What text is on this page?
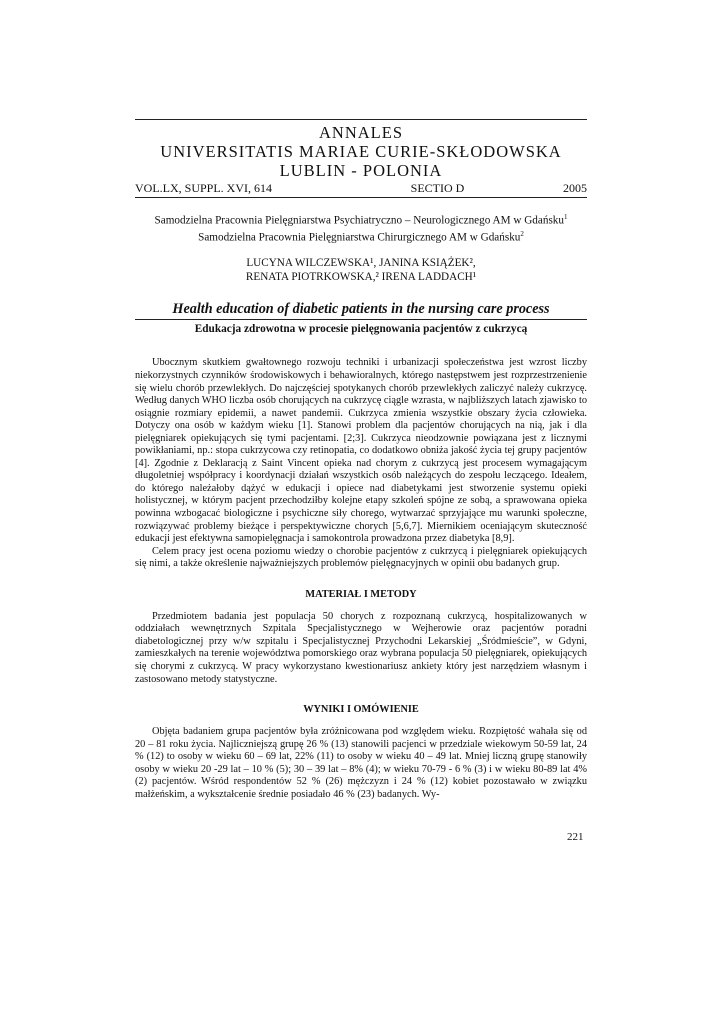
ANNALES
UNIVERSITATIS MARIAE CURIE-SKŁODOWSKA
LUBLIN - POLONIA
VOL.LX, SUPPL. XVI, 614	SECTIO D	2005
Samodzielna Pracownia Pielęgniarstwa Psychiatryczno – Neurologicznego AM w Gdańsku$^1$
Samodzielna Pracownia Pielęgniarstwa Chirurgicznego AM w Gdańsku$^2$
LUCYNA WILCZEWSKA¹, JANINA KSIĄŻEK²,
RENATA PIOTRKOWSKA,² IRENA LADDACH¹
Health education of diabetic patients in the nursing care process
Edukacja zdrowotna w procesie pielęgnowania pacjentów z cukrzycą

Ubocznym skutkiem gwałtownego rozwoju techniki i urbanizacji społeczeństwa jest wzrost liczby niekorzystnych czynników środowiskowych i behawioralnych, którego następstwem jest rozprzestrzenienie się wielu chorób przewlekłych. Do najczęściej spotykanych chorób przewlekłych zaliczyć należy cukrzycę. Według danych WHO liczba osób chorujących na cukrzycę ciągle wzrasta, w najbliższych latach zjawisko to osiągnie rozmiary epidemii, a nawet pandemii. Cukrzyca zmienia wszystkie obszary życia człowieka. Dotyczy ona osób w każdym wieku [1]. Stanowi problem dla pacjentów chorujących na nią, jak i dla pielęgniarek opiekujących się tymi pacjentami. [2;3]. Cukrzyca nieodzownie powiązana jest z licznymi powikłaniami, np.: stopa cukrzycowa czy retinopatia, co dodatkowo obniża jakość życia tej grupy pacjentów [4]. Zgodnie z Deklaracją z Saint Vincent opieka nad chorym z cukrzycą jest procesem wymagającym długoletniej współpracy i koordynacji działań wszystkich osób należących do zespołu leczącego. Ideałem, do którego należałoby dążyć w edukacji i opiece nad diabetykami jest stworzenie systemu opieki holistycznej, w którym pacjent przechodziłby kolejne etapy szkoleń spójne ze sobą, a sprawowana opieka powinna wzbogacać biologiczne i psychiczne siły chorego, wytwarzać sprzyjające mu warunki społeczne, rozwiązywać problemy bieżące i perspektywiczne chorych [5,6,7]. Miernikiem oceniającym skuteczność edukacji jest efektywna samopielęgnacja i samokontrola prowadzona przez diabetyka [8,9].

Celem pracy jest ocena poziomu wiedzy o chorobie pacjentów z cukrzycą i pielęgniarek opiekujących się nimi, a także określenie najważniejszych problemów pielęgnacyjnych w opinii obu badanych grup.

MATERIAŁ I METODY

Przedmiotem badania jest populacja 50 chorych z rozpoznaną cukrzycą, hospitalizowanych w oddziałach wewnętrznych Szpitala Specjalistycznego w Wejherowie oraz pacjentów poradni diabetologicznej przy w/w szpitalu i Specjalistycznej Przychodni Lekarskiej „Śródmieście”, w Gdyni, zamieszkałych na terenie województwa pomorskiego oraz wybrana populacja 50 pielęgniarek, opiekujących się chorymi z cukrzycą. W pracy wykorzystano kwestionariusz ankiety który jest narzędziem własnym i zastosowano metody statystyczne.

WYNIKI I OMÓWIENIE

Objęta badaniem grupa pacjentów była zróżnicowana pod względem wieku. Rozpiętość wahała się od 20 – 81 roku życia. Najliczniejszą grupę 26 % (13) stanowili pacjenci w przedziale wiekowym 50-59 lat, 24 % (12) to osoby w wieku 60 – 69 lat, 22% (11) to osoby w wieku 40 – 49 lat. Mniej liczną grupę stanowiły osoby w wieku 20 -29 lat – 10 % (5); 30 – 39 lat – 8% (4); w wieku 70-79 - 6 % (3) i w wieku 80-89 lat 4% (2) pacjentów. Wśród respondentów 52 % (26) mężczyzn i 24 % (12) kobiet pozostawało w związku małżeńskim, a wykształcenie średnie posiadało 46 % (23) badanych. Wy-

221
